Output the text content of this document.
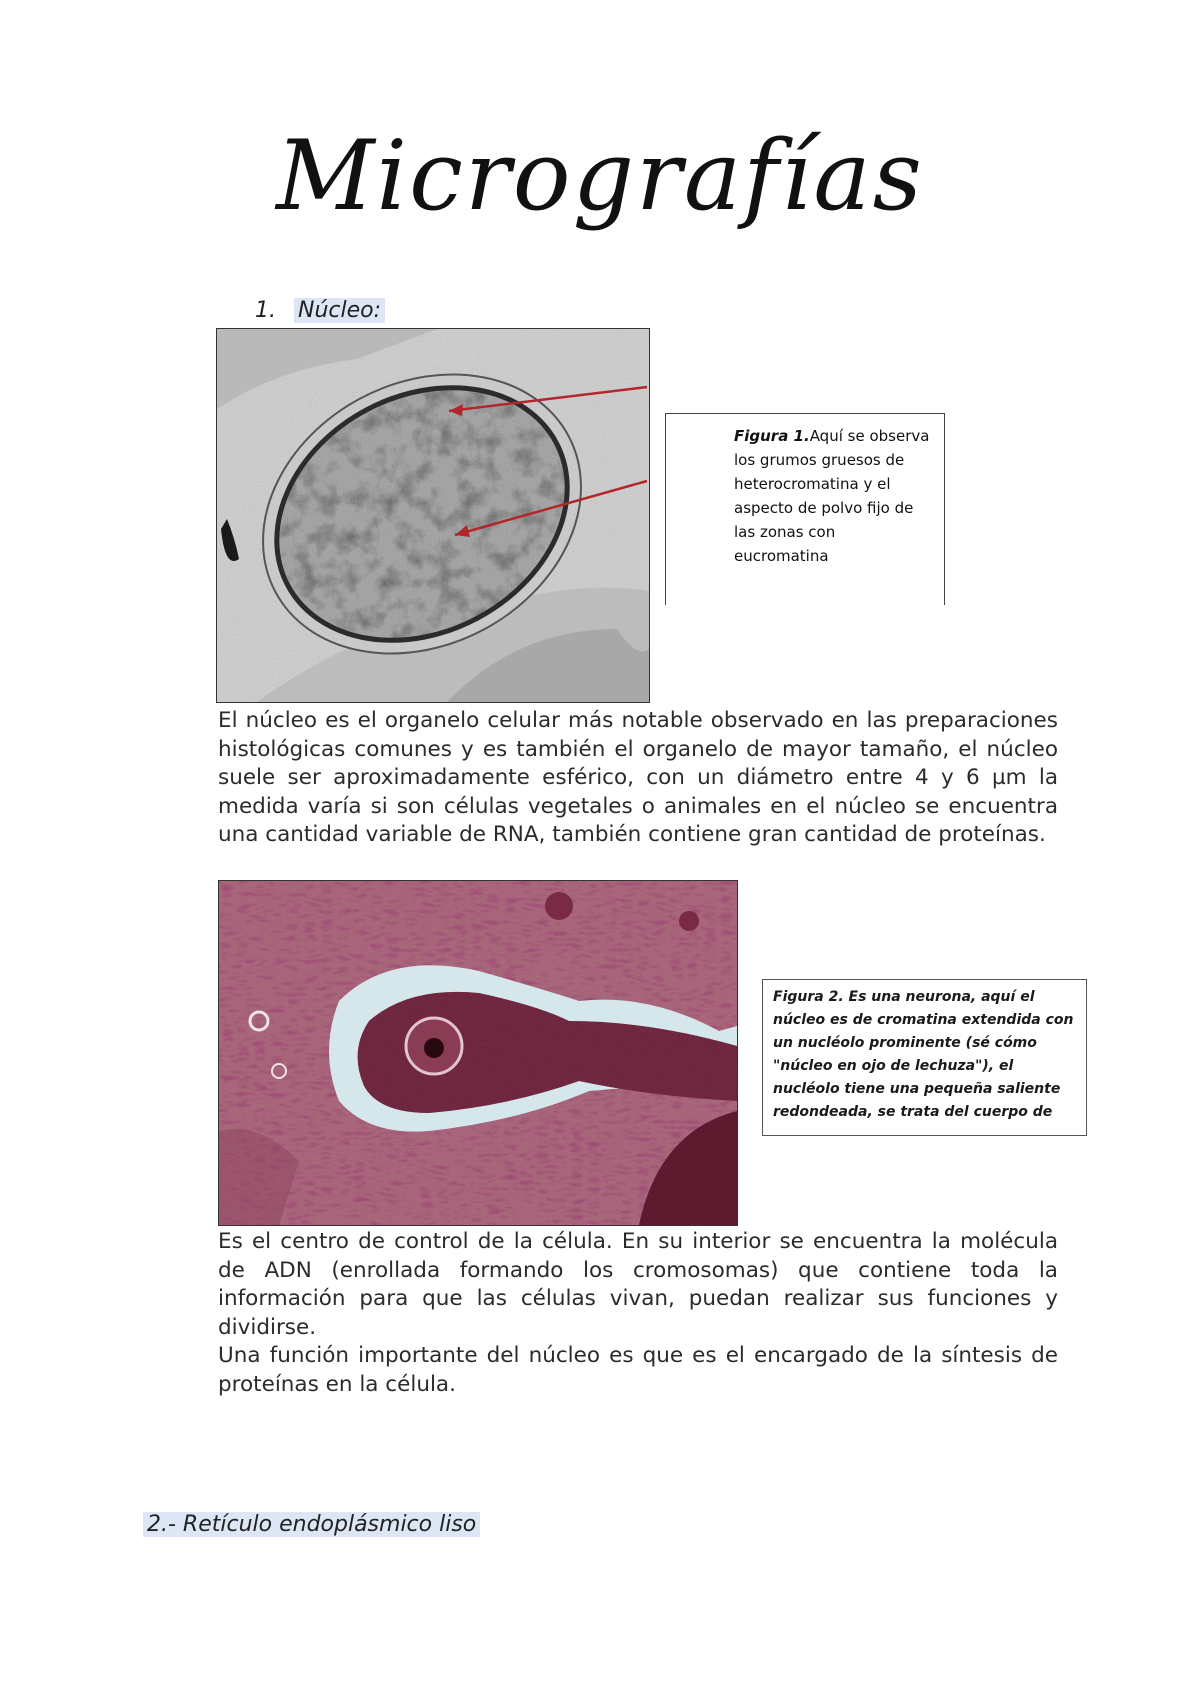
Micrografías
1. Núcleo:
Figura 1.Aquí se observa los grumos gruesos de heterocromatina y el aspecto de polvo fijo de las zonas con eucromatina
El núcleo es el organelo celular más notable observado en las preparaciones histológicas comunes y es también el organelo de mayor tamaño, el núcleo suele ser aproximadamente esférico, con un diámetro entre 4 y 6 µm la medida varía si son células vegetales o animales en el núcleo se encuentra una cantidad variable de RNA, también contiene gran cantidad de proteínas.
Figura 2. Es una neurona, aquí el núcleo es de cromatina extendida con un nucléolo prominente (sé cómo "núcleo en ojo de lechuza"), el nucléolo tiene una pequeña saliente redondeada, se trata del cuerpo de
Es el centro de control de la célula. En su interior se encuentra la molécula de ADN (enrollada formando los cromosomas) que contiene toda la información para que las células vivan, puedan realizar sus funciones y dividirse.
Una función importante del núcleo es que es el encargado de la síntesis de proteínas en la célula.
2.- Retículo endoplásmico liso
